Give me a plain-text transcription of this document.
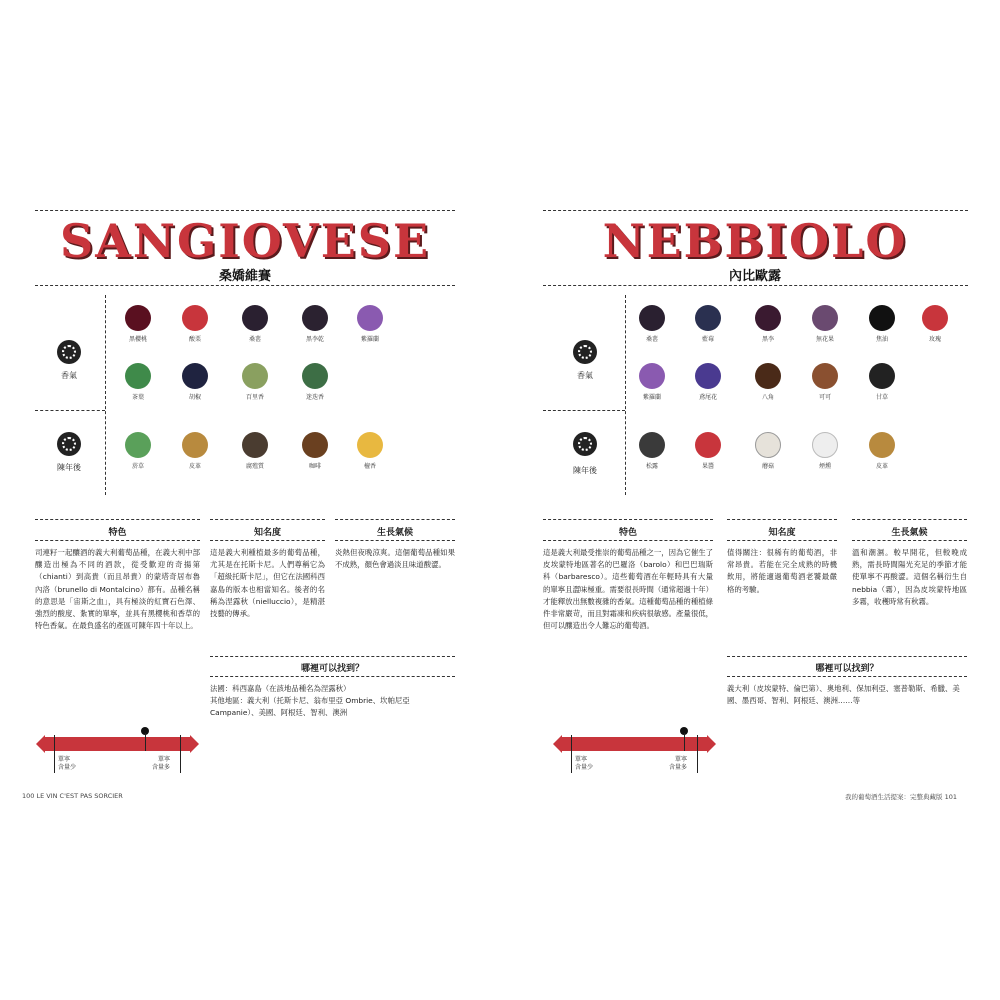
SANGIOVESE
桑嬌維賽
香氣
陳年後
黑櫻桃	酸栗	桑葚	黑李乾	紫羅蘭
茶葉	胡椒	百里香	迷迭香
菸草	皮革	腐殖質	咖啡	檀香
特色
司連籽一起釀酒的義大利葡萄品種，在義大利中部釀造出極為不同的酒款，從受歡迎的奇揚第（chianti）到高貴（而且昂貴）的蒙塔奇居布魯內洛（brunello di Montalcino）都有。品種名稱的意思是「宙斯之血」，具有極淡的紅寶石色澤、強烈的酸度、紮實的單寧，並具有黑櫻桃和香草的特色香氣。在最負盛名的產區可陳年四十年以上。
知名度
這是義大利種植最多的葡萄品種，尤其是在托斯卡尼。人們尊稱它為「超級托斯卡尼」，但它在法國科西嘉島的版本也相當知名。後者的名稱為涅露秋（nielluccio），是精湛技藝的傳承。
生長氣候
炎熱但夜晚涼爽。這個葡萄品種如果不成熟，顏色會過淡且味道酸澀。
哪裡可以找到？
法國：科西嘉島（在該地品種名為涅露秋）
其他地區：義大利（托斯卡尼、翁布里亞 Ombrie、坎帕尼亞 Campanie）、美國、阿根廷、智利、澳洲
單寧
含量少
單寧
含量多
100 LE VIN C'EST PAS SORCIER
NEBBIOLO
內比歐露
香氣
陳年後
桑葚	藍莓	黑李	無花果	焦油	玫瑰
紫羅蘭	鳶尾花	八角	可可	甘草
松露	果醬	蘑菇	煙燻	皮革
特色
這是義大利最受推崇的葡萄品種之一，因為它催生了皮埃蒙特地區著名的巴羅洛（barolo）和巴巴瑞斯科（barbaresco）。這些葡萄酒在年輕時具有大量的單寧且澀味極重。需要很長時間（通常超過十年）才能釋放出無數複雜的香氣。這種葡萄品種的種植條件非常嚴苛，而且對霜凍和疾病很敏感。產量很低，但可以釀造出令人難忘的葡萄酒。
知名度
值得關注：很稀有的葡萄酒，非常昂貴。若能在完全成熟的時機飲用，將能適過葡萄酒老饕最嚴格的考驗。
生長氣候
溫和潮濕。較早開花，但較晚成熟，需長時間陽光充足的季節才能使單寧不再酸澀。這個名稱衍生自 nebbia（霧），因為皮埃蒙特地區多霧，收穫時常有秋霧。
哪裡可以找到？
義大利（皮埃蒙特、倫巴第）、奧地利、保加利亞、塞普勒斯、希臘、美國、墨西哥、智利、阿根廷、澳洲……等
單寧
含量少
單寧
含量多
我的葡萄酒生活提案：完整典藏版 101
